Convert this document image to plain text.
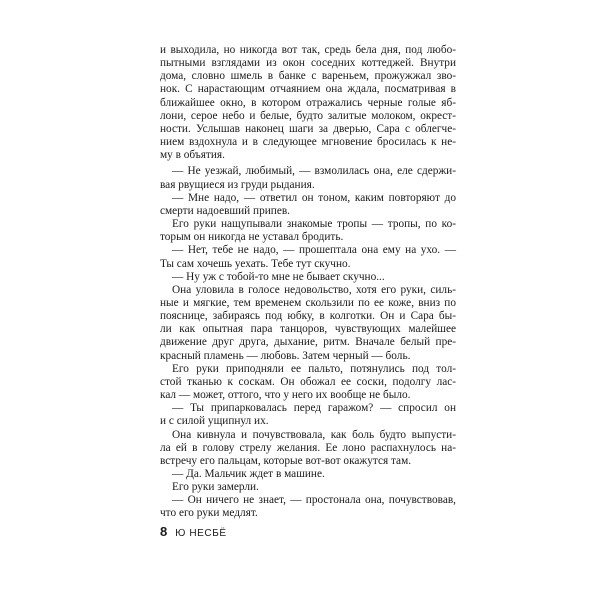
и выходила, но никогда вот так, средь бела дня, под любо-
пытными взглядами из окон соседних коттеджей. Внутри
дома, словно шмель в банке с вареньем, прожужжал зво-
нок. С нарастающим отчаянием она ждала, посматривая в
ближайшее окно, в котором отражались черные голые яб-
лони, серое небо и белые, будто залитые молоком, окрест-
ности. Услышав наконец шаги за дверью, Сара с облегче-
нием вздохнула и в следующее мгновение бросилась к не-
му в объятия.
— Не уезжай, любимый, — взмолилась она, еле сдержи-
вая рвущиеся из груди рыдания.
— Мне надо, — ответил он тоном, каким повторяют до
смерти надоевший припев.
Его руки нащупывали знакомые тропы — тропы, по ко-
торым он никогда не уставал бродить.
— Нет, тебе не надо, — прошептала она ему на ухо. —
Ты сам хочешь уехать. Тебе тут скучно.
— Ну уж с тобой-то мне не бывает скучно...
Она уловила в голосе недовольство, хотя его руки, силь-
ные и мягкие, тем временем скользили по ее коже, вниз по
пояснице, забираясь под юбку, в колготки. Он и Сара бы-
ли как опытная пара танцоров, чувствующих малейшее
движение друг друга, дыхание, ритм. Вначале белый пре-
красный пламень — любовь. Затем черный — боль.
Его руки приподняли ее пальто, потянулись под тол-
стой тканью к соскам. Он обожал ее соски, подолгу лас-
кал — может, оттого, что у него их вообще не было.
— Ты припарковалась перед гаражом? — спросил он
и с силой ущипнул их.
Она кивнула и почувствовала, как боль будто выпусти-
ла ей в голову стрелу желания. Ее лоно распахнулось на-
встречу его пальцам, которые вот-вот окажутся там.
— Да. Мальчик ждет в машине.
Его руки замерли.
— Он ничего не знает, — простонала она, почувствовав,
что его руки медлят.
8 Ю НЕСБЁ
